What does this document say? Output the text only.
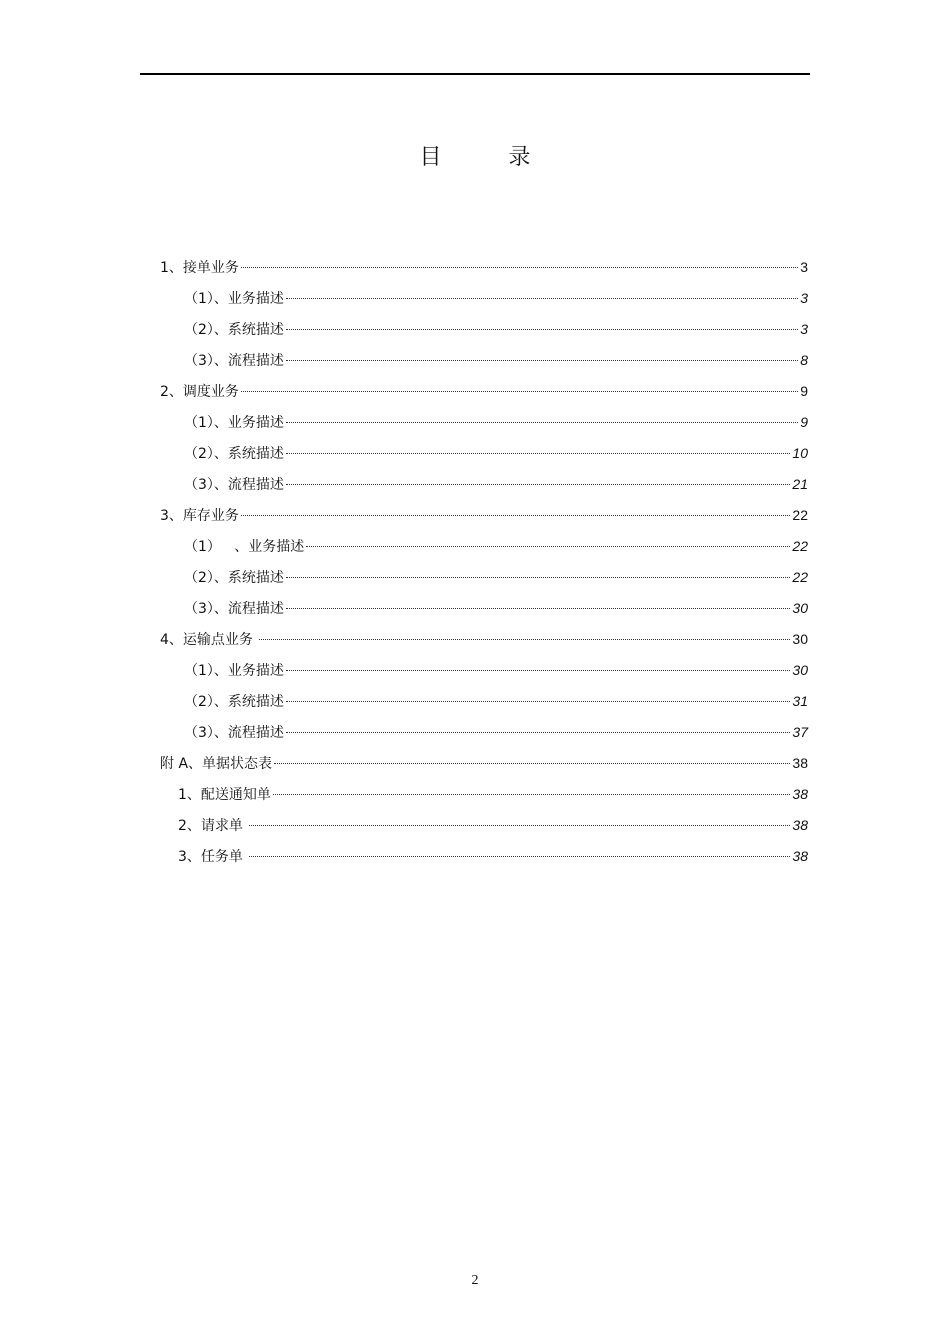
目 录
1、接单业务	3
（1）、业务描述	3
（2）、系统描述	3
（3）、流程描述	8
2、调度业务	9
（1）、业务描述	9
（2）、系统描述	10
（3）、流程描述	21
3、库存业务	22
（1）   、业务描述	22
（2）、系统描述	22
（3）、流程描述	30
4、运输点业务	30
（1）、业务描述	30
（2）、系统描述	31
（3）、流程描述	37
附 A、单据状态表	38
1、配送通知单	38
2、请求单	38
3、任务单	38
2
